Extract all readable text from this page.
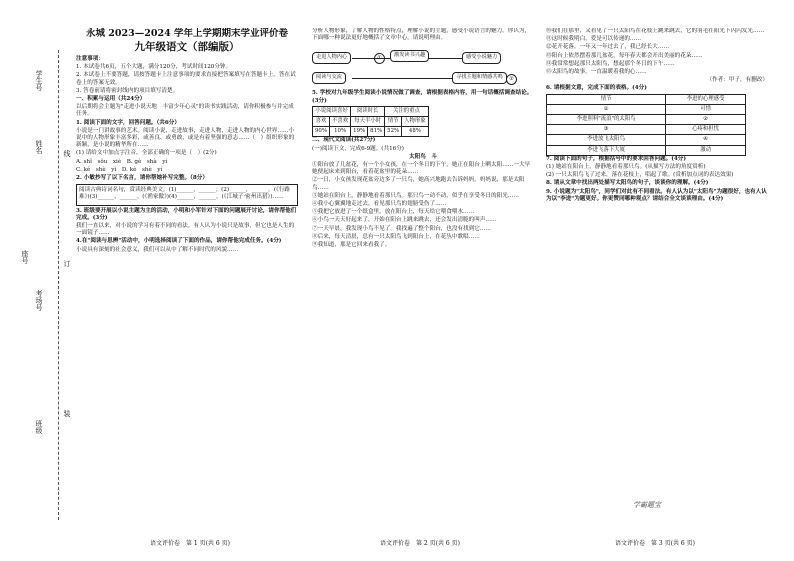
学生号
姓名
考场号
班级
座号
线
订
装
永城 2023—2024 学年上学期期末学业评价卷
九年级语文（部编版）

注意事项：

1. 本试卷共6页，五个大题，满分120分，考试时间120分钟。

2. 本试卷上不要答题，请按答题卡上注意事项的要求直接把答案填写在答题卡上。答在试卷上的答案无效。

3. 答卷前请将密封线内的项目填写清楚。

一、积累与运用（共24分）

以后期将会主题为"走进小说天地　丰富少年心灵"的读书实践活动，请你积极参与并完成任务。

1. 阅读下面的文字，回答问题。（共6分）

小说是一门讲故事的艺术。阅读小说，走进故事，走进人物，走进人物的内心世界……小说中的人物形象丰富多彩，或善良、或勇敢，或是有着坚强的意志……（　）组织形象的新颖，是小说的精华所在……

(1) 请给文中加点字注音，全部正确的一项是（　）(2分)

A. shǐ　sǒu　xiè　 B. gè　shà　yí

C. kè　shè　yì　 D. kè　shè　yí

2. 小敏抄写了以下名言，请你帮她补写完整。（8分）

阅读古典诗词名句，赏读经典美文。(1)______，______；(2)______，______。(《行路难》)(3)______，______。(《渔家傲》)(4)______，______。(《江城子·密州出猎》)……

3. 班级要开展以小说主题为主的活动，小明和小军针对下面的问题展开讨论，请你帮他们完成。(3分)

我们一直以来，对小说的学习有着不同的看法。有人认为小说只是故事，但它也是人生的一面镜子……

4.在"阅读与思辨"活动中，小明选择阅读了下面的作品，请你帮他完成任务。(4分)

小说具有深刻的社会意义，我们可以从中了解不同时代的风貌……

分析人物形象，了解人物的性格特点，理解小说的主题，感受小说语言的魅力。你认为，下面哪一种说法更好地概括了文章中心，请说明理由。

激发读书兴趣
走进人物内心
阅读与交流	寻找主题和情感共鸣
感受小说魅力
①
②

5. 学校对九年级学生阅读小说情况做了调查，请根据表格内容，用一句话概括调查结论。(3分)

小说阅读喜好		阅读时长		关注的重点	
喜欢	不喜欢	每天半小时		情节	人物形象
90%	10%	19%	81%	52%	48%

二、现代文阅读(共27分)

(一)阅读下文，完成6-9题。(共16分)

太阳鸟　斗

①阳台放了几盆花，有一个小女孩，在一个冬日的下午，她正在阳台上晒太阳……一大早她便起床来到阳台，看着花盆里的花朵……

②一日，小女孩发现花盆旁边多了一只鸟，她高兴地跑去告诉妈妈。妈妈说，那是太阳鸟……

③她站在阳台上，静静地看着那只鸟。那只鸟一动不动，似乎在享受冬日的阳光……

④我小心翼翼地走过去，看见那只鸟的翅膀受伤了……

⑤我把它放进了一个纸盒里，放在阳台上，每天给它喂食喂水……

⑥小鸟一天天好起来了，开始在阳台上跳来跳去，还会发出清脆的叫声……

⑦一天早晨，我发现小鸟不见了。我找遍了整个阳台，也没有找到它……

⑧后来，每天清晨，总有一只太阳鸟飞到阳台上，在花丛中歌唱……

⑨我知道，那是它回来看我了。

⑩我们在那里，又看见了一只太阳鸟在花枝上跳来跳去，它的羽毛在阳光下闪闪发光……

⑪这时候我明白，爱是可以传递的……

⑫花开花落，一年又一年过去了，我已经长大……

⑬阳台上依然摆着那几盆花，每年春天都会开出美丽的花朵……

⑭我常常想起那只太阳鸟，想起那个冬日的下午……

⑮太阳鸟的故事，一直温暖着我的心……

（作者：甲子，有删改）

6. 请根据文意，完成下面的表格。(4分)

情节	李进的心理感受
①	可惜
李进照料"流浪"的太阳鸟	②
③	心疼和担忧
李进放飞太阳鸟	④
李进飞落下大厦	激动

7. 阅读下面的句子，根据括号中的要求回答问题。(4分)

(1) 她站在阳台上，静静地看着那只鸟。(从描写方法的角度赏析)

(2) 一只太阳鸟飞了过来，落在花枝上，唱起了歌。(赏析加点词的表达效果)

8. 请从文章中找出两处描写太阳鸟的句子，谈谈你的理解。(4分)

9. 小说题为"太阳鸟"，同学们对此有不同看法。有人认为以"太阳鸟"为题很好，也有人认为以"李进"为题更好。你更赞同哪种观点？请结合全文谈谈理由。(4分)

学霸题宝
语文评价卷　第 1 页(共 6 页)	语文评价卷　第 2 页(共 6 页)	语文评价卷　第 3 页(共 6 页)
